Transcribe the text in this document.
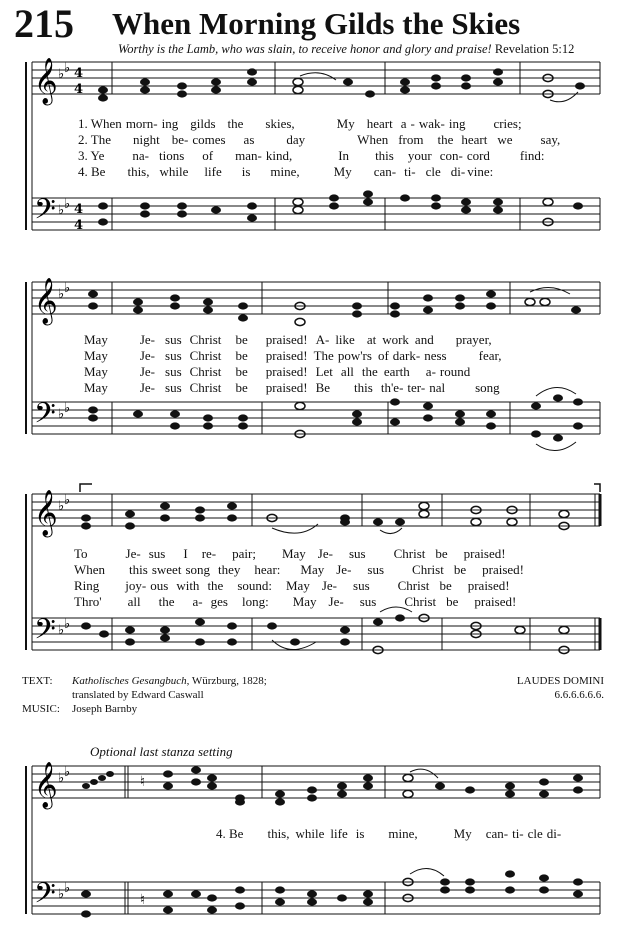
215 When Morning Gilds the Skies
Worthy is the Lamb, who was slain, to receive honor and glory and praise! Revelation 5:12
𝄞 ♭ ♭ 4
4
𝄢 ♭ ♭ 4
4
1. When morn- ing gilds the skies,	My heart a - wak- ing cries;
2. The night be- comes as day	When from the heart we say,
3. Ye na- tions of man- kind,	In this your con- cord find:
4. Be this, while life is mine,	My can- ti- cle di- vine:
𝄞 ♭ ♭
𝄢 ♭ ♭
May Je- sus Christ be praised! A- like at work and prayer,
May Je- sus Christ be praised! The pow'rs of dark- ness fear,
May Je- sus Christ be praised! Let all the earth a- round
May Je- sus Christ be praised! Be this th'e- ter- nal song
𝄞 ♭ ♭
𝄢 ♭ ♭
To	Je- sus I re- pair; May Je- sus Christ be praised!
When this sweet song they hear: May Je- sus Christ be praised!
Ring joy- ous with the sound: May Je- sus Christ be praised!
Thro' all the a- ges long: May Je- sus Christ be praised!
TEXT: Katholisches Gesangbuch, Würzburg, 1828;
translated by Edward Caswall
MUSIC: Joseph Barnby
LAUDES DOMINI
6.6.6.6.6.6.
Optional last stanza setting
𝄞 ♭ ♭
𝄢 ♭ ♭
♮
♮
4. Be this, while life is mine,	My can- ti- cle di-
